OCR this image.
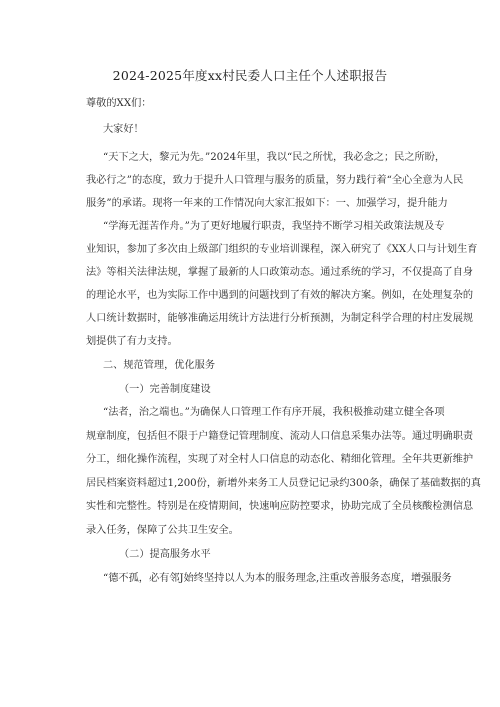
2024-2025年度xx村民委人口主任个人述职报告
尊敬的XX们：
大家好！
“天下之大，黎元为先。”2024年里，我以“民之所忧，我必念之；民之所盼，
我必行之”的态度，致力于提升人口管理与服务的质量，努力践行着“全心全意为人民
服务”的承诺。现将一年来的工作情况向大家汇报如下：一、加强学习，提升能力
“学海无涯苦作舟。”为了更好地履行职责，我坚持不断学习相关政策法规及专
业知识，参加了多次由上级部门组织的专业培训课程，深入研究了《XX人口与计划生育
法》等相关法律法规，掌握了最新的人口政策动态。通过系统的学习，不仅提高了自身
的理论水平，也为实际工作中遇到的问题找到了有效的解决方案。例如，在处理复杂的
人口统计数据时，能够准确运用统计方法进行分析预测，为制定科学合理的村庄发展规
划提供了有力支持。
二、规范管理，优化服务
（一）完善制度建设
“法者，治之端也。”为确保人口管理工作有序开展，我积极推动建立健全各项
规章制度，包括但不限于户籍登记管理制度、流动人口信息采集办法等。通过明确职责
分工，细化操作流程，实现了对全村人口信息的动态化、精细化管理。全年共更新维护
居民档案资料超过1,200份，新增外来务工人员登记记录约300条，确保了基础数据的真
实性和完整性。特别是在疫情期间，快速响应防控要求，协助完成了全员核酸检测信息
录入任务，保障了公共卫生安全。
（二）提高服务水平
“德不孤，必有邻J始终坚持以人为本的服务理念,注重改善服务态度，增强服务
